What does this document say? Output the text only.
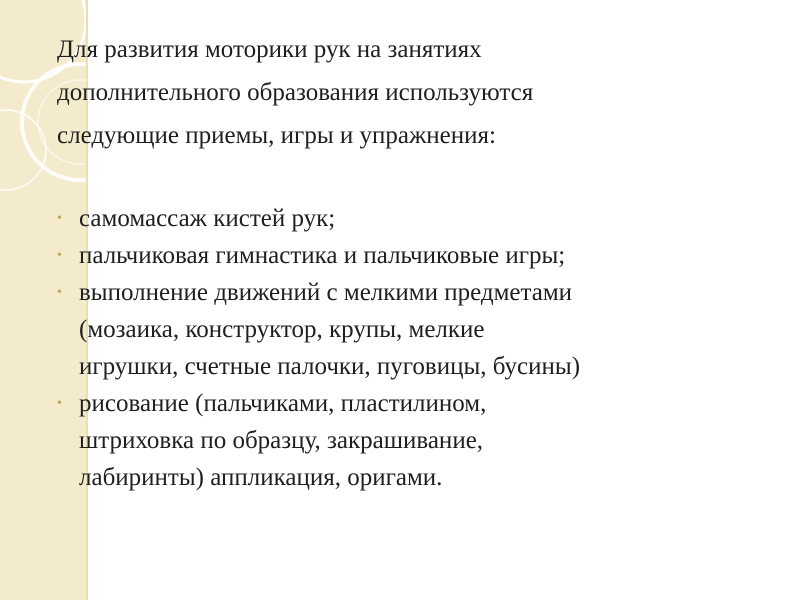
Для развития моторики рук на занятиях
дополнительного образования используются
следующие приемы, игры и упражнения:

• самомассаж кистей рук;
• пальчиковая гимнастика и пальчиковые игры;
• выполнение движений с мелкими предметами
(мозаика, конструктор, крупы, мелкие
игрушки, счетные палочки, пуговицы, бусины)
• рисование (пальчиками, пластилином,
штриховка по образцу, закрашивание,
лабиринты) аппликация, оригами.
